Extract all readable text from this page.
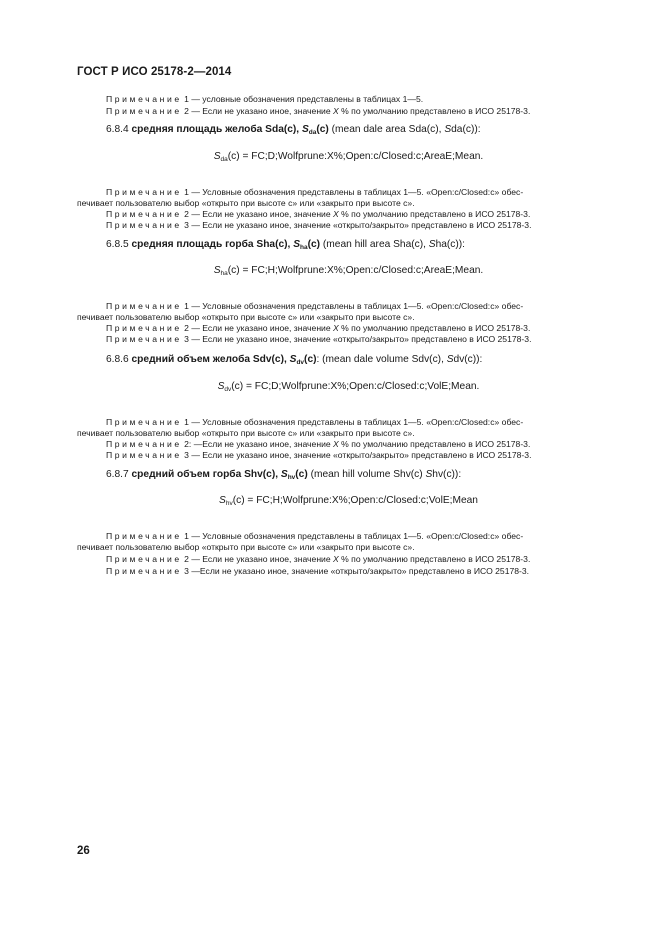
ГОСТ Р ИСО 25178-2—2014
Примечание 1 — условные обозначения представлены в таблицах 1—5.
Примечание 2 — Если не указано иное, значение X % по умолчанию представлено в ИСО 25178-3.
6.8.4 средняя площадь желоба Sda(c), $S_{da}(c)$ (mean dale area Sda(c), Sda(c)):
$S_{da}(c)$ = FC;D;Wolfprune:X%;Open:c/Closed:c;AreaE;Mean.
Примечание 1 — Условные обозначения представлены в таблицах 1—5. «Open:c/Closed:c» обес-
печивает пользователю выбор «открыто при высоте с» или «закрыто при высоте с».
Примечание 2 — Если не указано иное, значение X % по умолчанию представлено в ИСО 25178-3.
Примечание 3 — Если не указано иное, значение «открыто/закрыто» представлено в ИСО 25178-3.
6.8.5 средняя площадь горба Sha(c), $S_{ha}(c)$ (mean hill area Sha(c), Sha(c)):
$S_{ha}(c)$ = FC;H;Wolfprune:X%;Open:c/Closed:c;AreaE;Mean.
Примечание 1 — Условные обозначения представлены в таблицах 1—5. «Open:c/Closed:c» обес-
печивает пользователю выбор «открыто при высоте с» или «закрыто при высоте с».
Примечание 2 — Если не указано иное, значение X % по умолчанию представлено в ИСО 25178-3.
Примечание 3 — Если не указано иное, значение «открыто/закрыто» представлено в ИСО 25178-3.
6.8.6 средний объем желоба Sdv(c), $S_{dv}(c)$: (mean dale volume Sdv(c), Sdv(c)):
$S_{dv}(c)$ = FC;D;Wolfprune:X%;Open:c/Closed:c;VolE;Mean.
Примечание 1 — Условные обозначения представлены в таблицах 1—5. «Open:c/Closed:c» обес-
печивает пользователю выбор «открыто при высоте с» или «закрыто при высоте с».
Примечание 2: —Если не указано иное, значение X % по умолчанию представлено в ИСО 25178-3.
Примечание 3 — Если не указано иное, значение «открыто/закрыто» представлено в ИСО 25178-3.
6.8.7 средний объем горба Shv(c), $S_{hv}(c)$ (mean hill volume Shv(c) Shv(c)):
$S_{hv}(c)$ = FC;H;Wolfprune:X%;Open:c/Closed:c;VolE;Mean
Примечание 1 — Условные обозначения представлены в таблицах 1—5. «Open:c/Closed:c» обес-
печивает пользователю выбор «открыто при высоте с» или «закрыто при высоте с».
Примечание 2 — Если не указано иное, значение X % по умолчанию представлено в ИСО 25178-3.
Примечание 3 —Если не указано иное, значение «открыто/закрыто» представлено в ИСО 25178-3.
26
